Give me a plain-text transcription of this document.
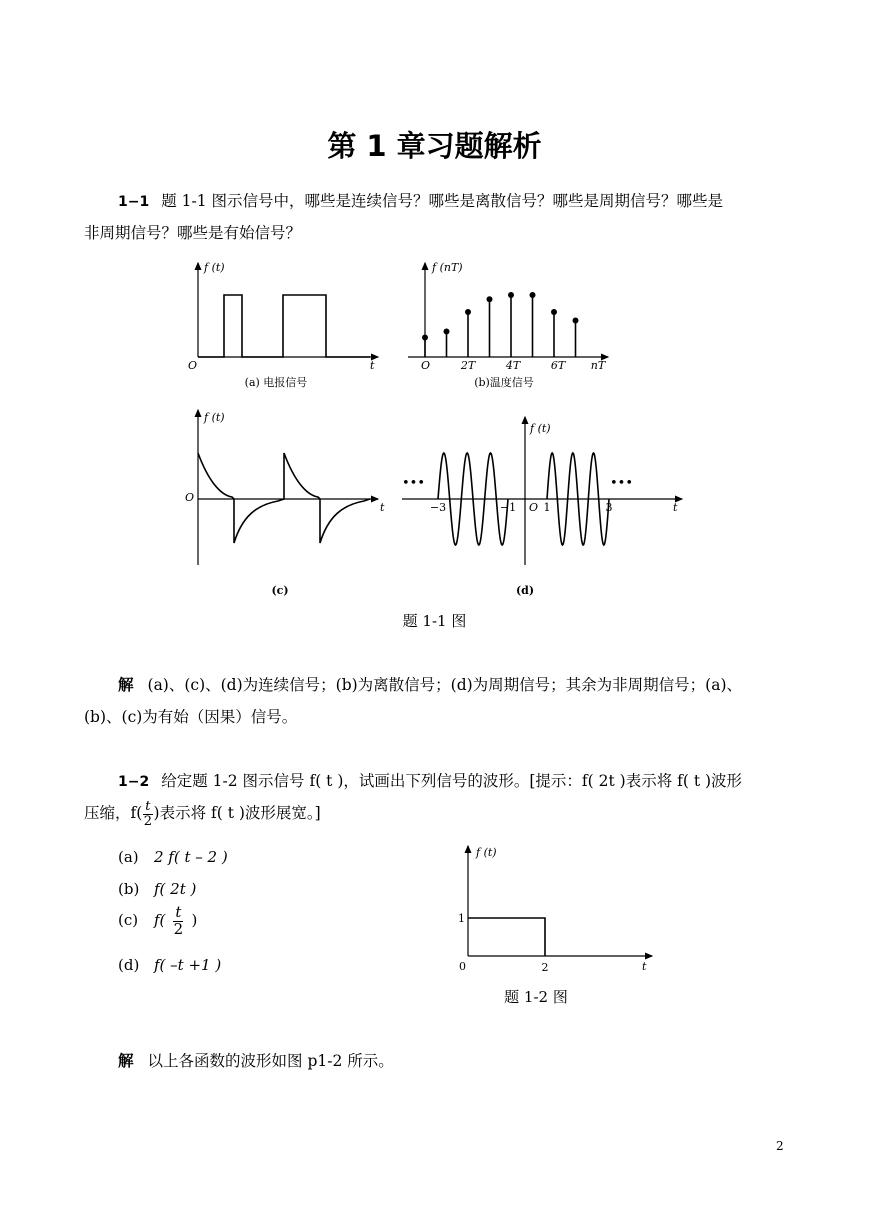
第 1 章习题解析
1−1 题 1-1 图示信号中，哪些是连续信号？哪些是离散信号？哪些是周期信号？哪些是
非周期信号？哪些是有始信号？
f (t)
O	t
(a) 电报信号
f (nT)
O	2T	4T	6T nT
(b)温度信号
f (t)
O
t
(c)
f (t)
•••	•••
−3	−1 O 1	3	t
(d)
题 1-1 图
解 (a)、(c)、(d)为连续信号；(b)为离散信号；(d)为周期信号；其余为非周期信号；(a)、
(b)、(c)为有始（因果）信号。
1−2 给定题 1-2 图示信号 f( t )，试画出下列信号的波形。[提示：f( 2t )表示将 f( t )波形
压缩，$f( \frac{t}{2}$ )表示将 f( t )波形展宽。]
(a) 2 f( t – 2 )
(b) f( 2t )
(c) $f( \frac{t}{2}$ )
(d) f( –t +1 )
f (t)
1
0	2	t
题 1-2 图
解 以上各函数的波形如图 p1-2 所示。
2
